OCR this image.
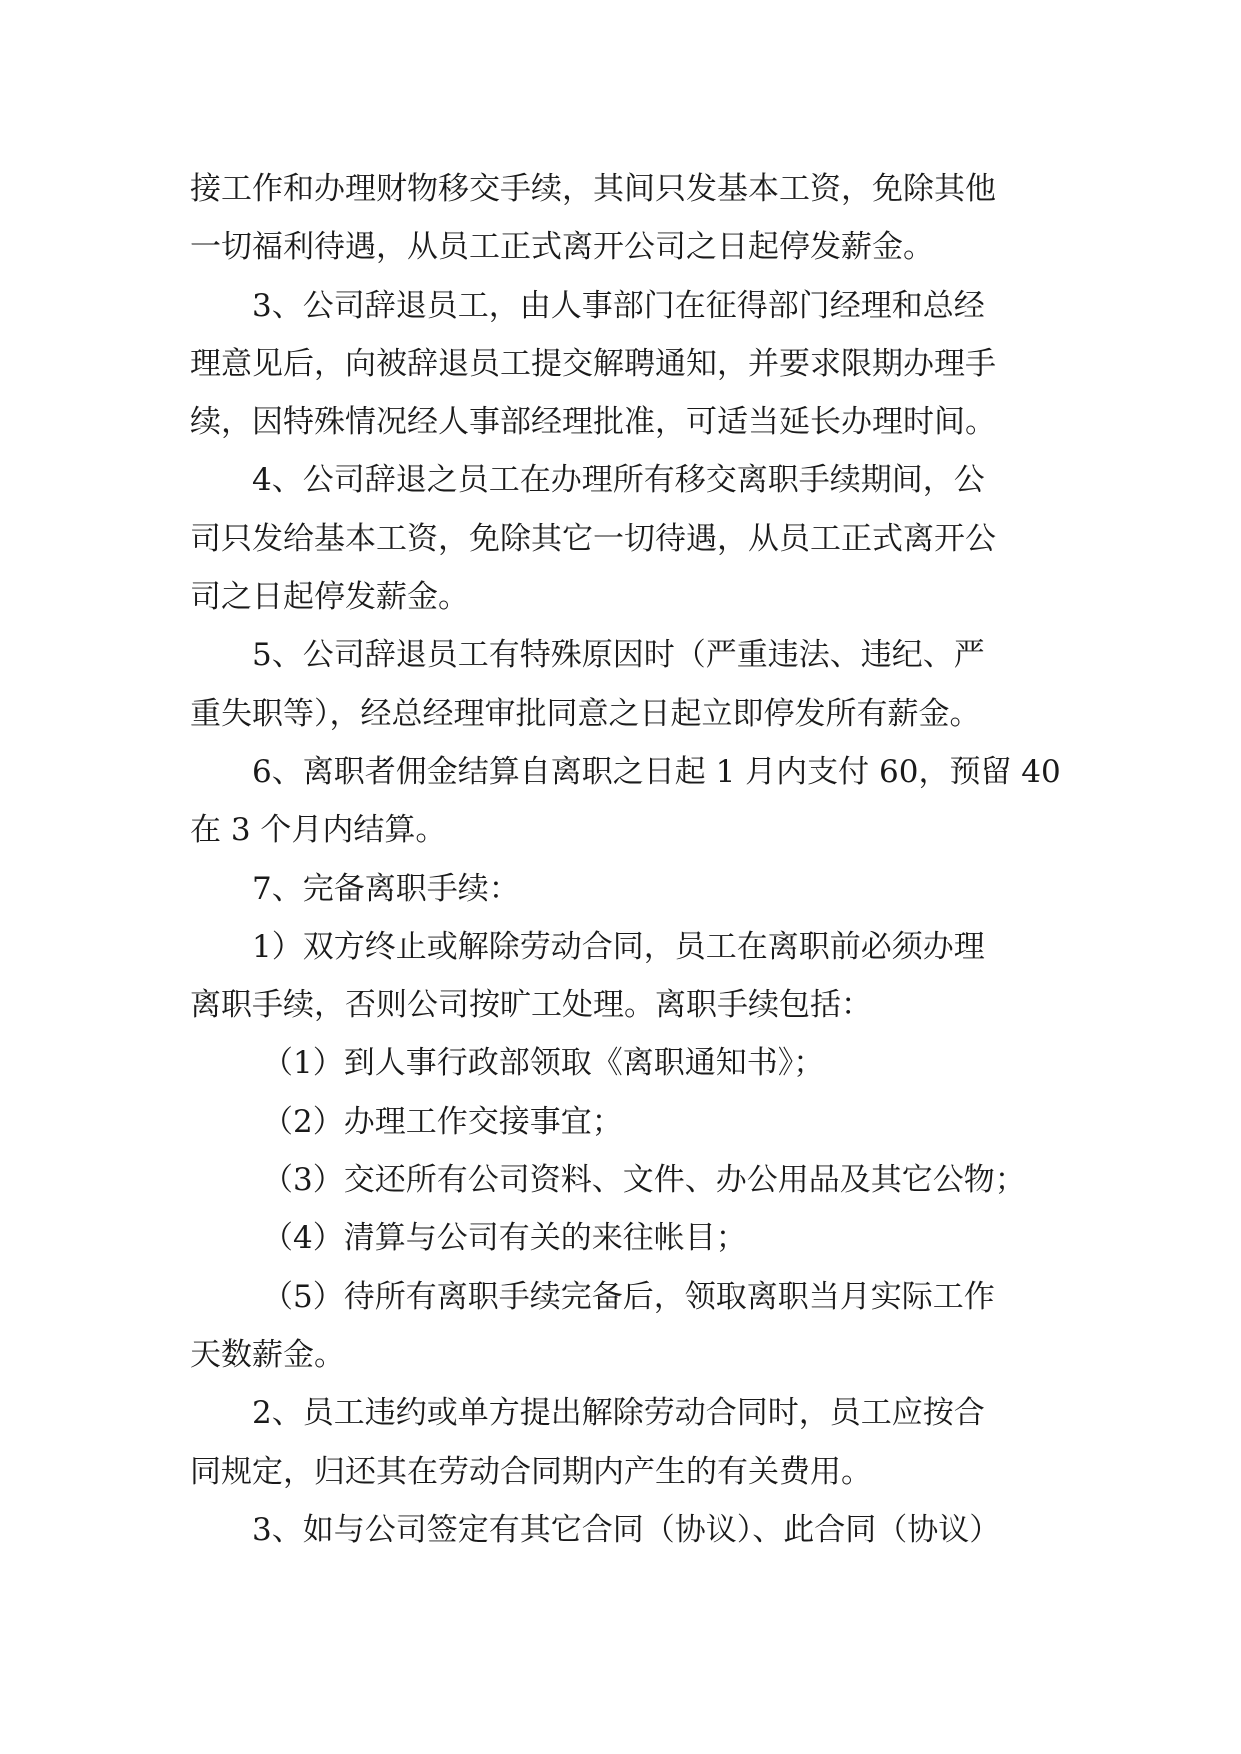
接工作和办理财物移交手续，其间只发基本工资，免除其他
一切福利待遇，从员工正式离开公司之日起停发薪金。
3、公司辞退员工，由人事部门在征得部门经理和总经
理意见后，向被辞退员工提交解聘通知，并要求限期办理手
续，因特殊情况经人事部经理批准，可适当延长办理时间。
4、公司辞退之员工在办理所有移交离职手续期间，公
司只发给基本工资，免除其它一切待遇，从员工正式离开公
司之日起停发薪金。
5、公司辞退员工有特殊原因时（严重违法、违纪、严
重失职等），经总经理审批同意之日起立即停发所有薪金。
6、离职者佣金结算自离职之日起 1 月内支付 60，预留 40
在 3 个月内结算。
7、完备离职手续：
1）双方终止或解除劳动合同，员工在离职前必须办理
离职手续，否则公司按旷工处理。离职手续包括：
（1）到人事行政部领取《离职通知书》；
（2）办理工作交接事宜；
（3）交还所有公司资料、文件、办公用品及其它公物；
（4）清算与公司有关的来往帐目；
（5）待所有离职手续完备后，领取离职当月实际工作
天数薪金。
2、员工违约或单方提出解除劳动合同时，员工应按合
同规定，归还其在劳动合同期内产生的有关费用。
3、如与公司签定有其它合同（协议）、此合同（协议）
